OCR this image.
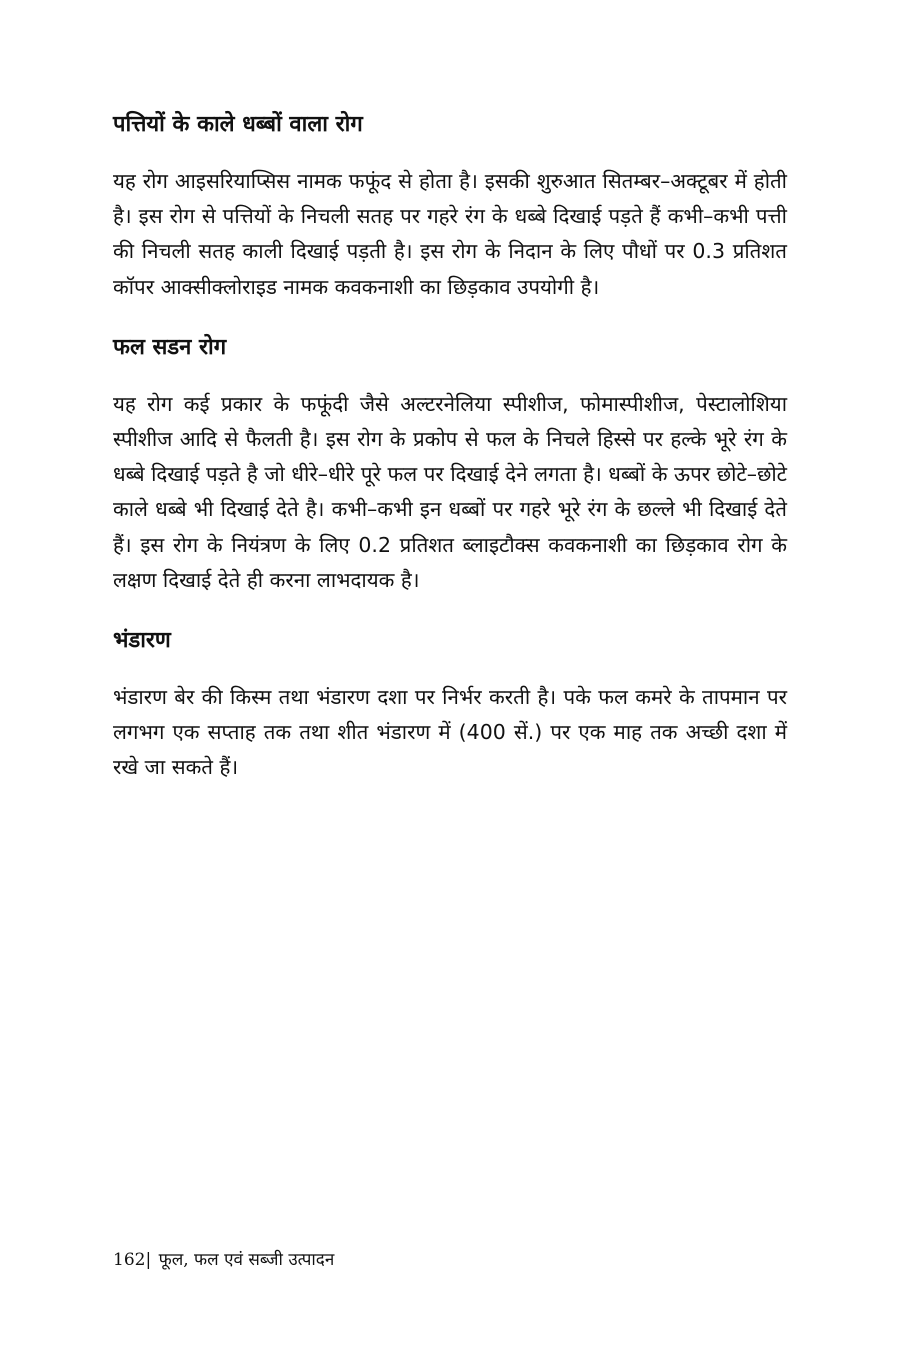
पत्तियों के काले धब्बों वाला रोग

यह रोग आइसरियाप्सिस नामक फफूंद से होता है। इसकी शुरुआत सितम्बर–अक्टूबर में होती है। इस रोग से पत्तियों के निचली सतह पर गहरे रंग के धब्बे दिखाई पड़ते हैं कभी–कभी पत्ती की निचली सतह काली दिखाई पड़ती है। इस रोग के निदान के लिए पौधों पर 0.3 प्रतिशत कॉपर आक्सीक्लोराइड नामक कवकनाशी का छिड़काव उपयोगी है।

फल सडन रोग

यह रोग कई प्रकार के फफूंदी जैसे अल्टरनेलिया स्पीशीज, फोमास्पीशीज, पेस्टालोशिया स्पीशीज आदि से फैलती है। इस रोग के प्रकोप से फल के निचले हिस्से पर हल्के भूरे रंग के धब्बे दिखाई पड़ते है जो धीरे–धीरे पूरे फल पर दिखाई देने लगता है। धब्बों के ऊपर छोटे–छोटे काले धब्बे भी दिखाई देते है। कभी–कभी इन धब्बों पर गहरे भूरे रंग के छल्ले भी दिखाई देते हैं। इस रोग के नियंत्रण के लिए 0.2 प्रतिशत ब्लाइटौक्स कवकनाशी का छिड़काव रोग के लक्षण दिखाई देते ही करना लाभदायक है।

भंडारण

भंडारण बेर की किस्म तथा भंडारण दशा पर निर्भर करती है। पके फल कमरे के तापमान पर लगभग एक सप्ताह तक तथा शीत भंडारण में (400 सें.) पर एक माह तक अच्छी दशा में रखे जा सकते हैं।

162| फूल, फल एवं सब्जी उत्पादन
